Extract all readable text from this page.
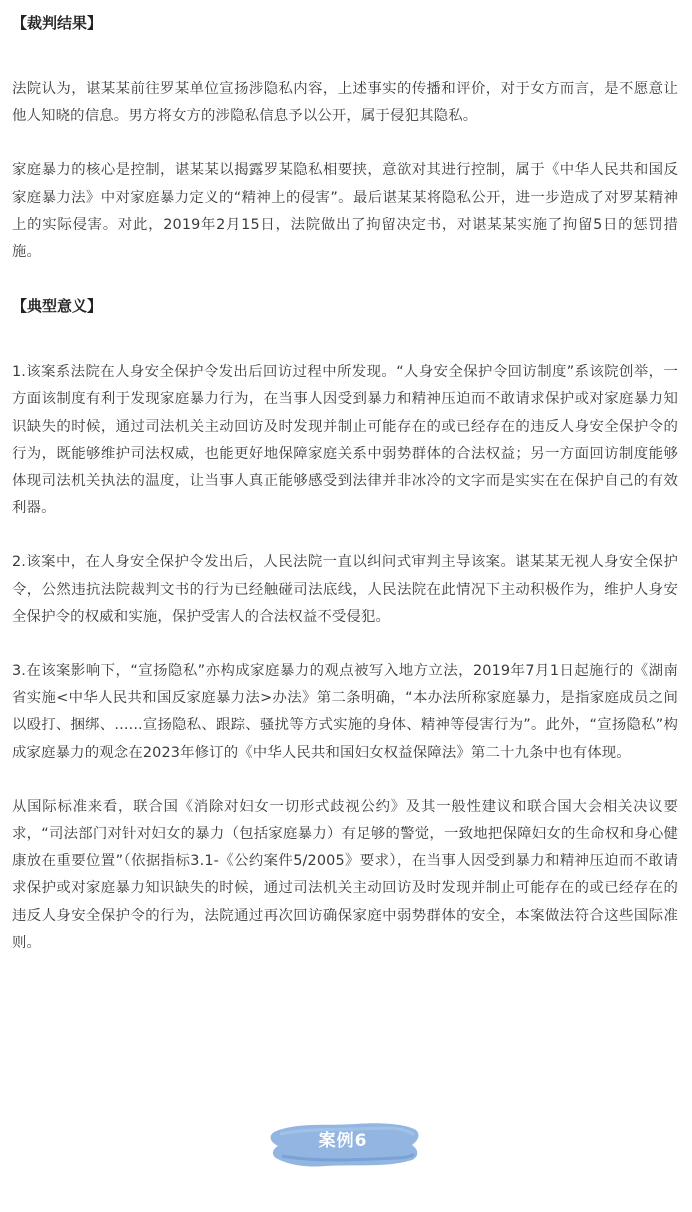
【裁判结果】

法院认为，谌某某前往罗某单位宣扬涉隐私内容，上述事实的传播和评价，对于女方而言，是不愿意让他人知晓的信息。男方将女方的涉隐私信息予以公开，属于侵犯其隐私。

家庭暴力的核心是控制，谌某某以揭露罗某隐私相要挟，意欲对其进行控制，属于《中华人民共和国反家庭暴力法》中对家庭暴力定义的“精神上的侵害”。最后谌某某将隐私公开，进一步造成了对罗某精神上的实际侵害。对此，2019年2月15日，法院做出了拘留决定书，对谌某某实施了拘留5日的惩罚措施。

【典型意义】

1.该案系法院在人身安全保护令发出后回访过程中所发现。“人身安全保护令回访制度”系该院创举，一方面该制度有利于发现家庭暴力行为，在当事人因受到暴力和精神压迫而不敢请求保护或对家庭暴力知识缺失的时候，通过司法机关主动回访及时发现并制止可能存在的或已经存在的违反人身安全保护令的行为，既能够维护司法权威，也能更好地保障家庭关系中弱势群体的合法权益；另一方面回访制度能够体现司法机关执法的温度，让当事人真正能够感受到法律并非冰冷的文字而是实实在在保护自己的有效利器。

2.该案中，在人身安全保护令发出后，人民法院一直以纠问式审判主导该案。谌某某无视人身安全保护令，公然违抗法院裁判文书的行为已经触碰司法底线，人民法院在此情况下主动积极作为，维护人身安全保护令的权威和实施，保护受害人的合法权益不受侵犯。

3.在该案影响下，“宣扬隐私”亦构成家庭暴力的观点被写入地方立法，2019年7月1日起施行的《湖南省实施<中华人民共和国反家庭暴力法>办法》第二条明确，“本办法所称家庭暴力，是指家庭成员之间以殴打、捆绑、......宣扬隐私、跟踪、骚扰等方式实施的身体、精神等侵害行为”。此外，“宣扬隐私”构成家庭暴力的观念在2023年修订的《中华人民共和国妇女权益保障法》第二十九条中也有体现。

从国际标准来看，联合国《消除对妇女一切形式歧视公约》及其一般性建议和联合国大会相关决议要求，“司法部门对针对妇女的暴力（包括家庭暴力）有足够的警觉，一致地把保障妇女的生命权和身心健康放在重要位置”（依据指标3.1-《公约案件5/2005》要求），在当事人因受到暴力和精神压迫而不敢请求保护或对家庭暴力知识缺失的时候，通过司法机关主动回访及时发现并制止可能存在的或已经存在的违反人身安全保护令的行为，法院通过再次回访确保家庭中弱势群体的安全，本案做法符合这些国际准则。

案例6
